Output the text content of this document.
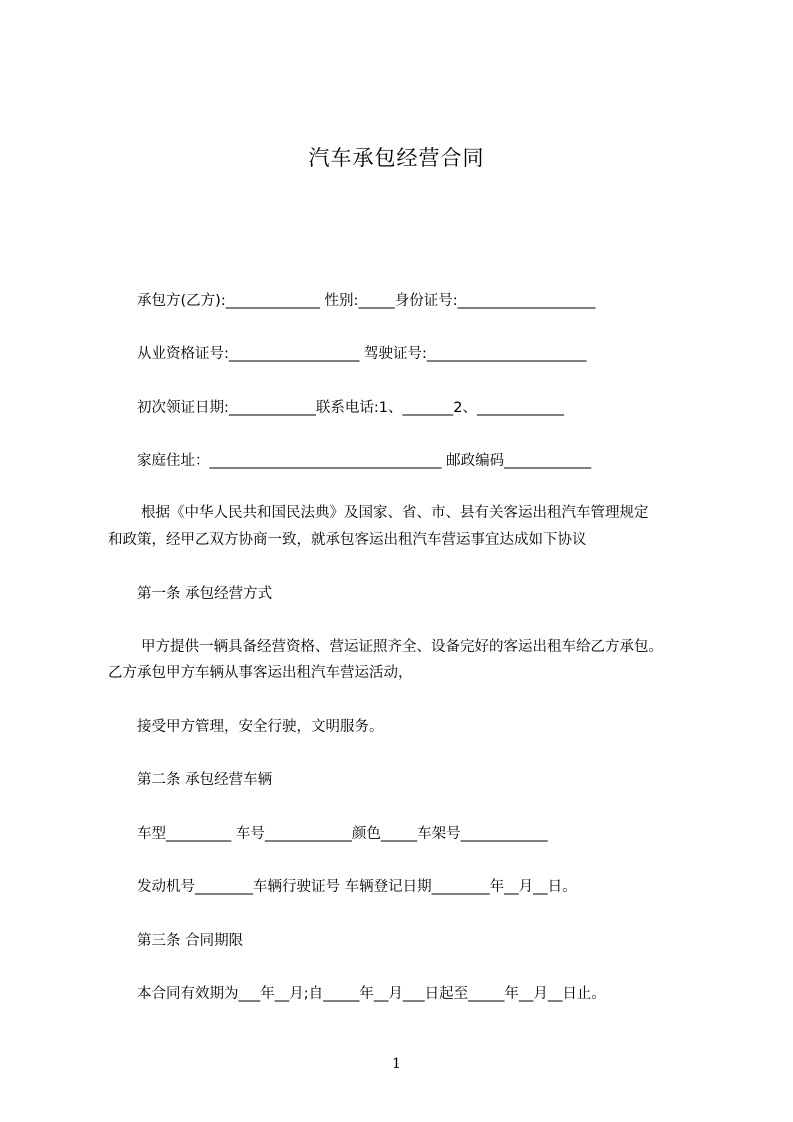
汽车承包经营合同
承包方(乙方):_____________ 性别:_____身份证号:___________________
从业资格证号:__________________ 驾驶证号:______________________
初次领证日期:____________联系电话:1、_______2、____________
家庭住址：________________________________ 邮政编码____________
根据《中华人民共和国民法典》及国家、省、市、县有关客运出租汽车管理规定
和政策，经甲乙双方协商一致，就承包客运出租汽车营运事宜达成如下协议
第一条 承包经营方式
甲方提供一辆具备经营资格、营运证照齐全、设备完好的客运出租车给乙方承包。
乙方承包甲方车辆从事客运出租汽车营运活动，
接受甲方管理，安全行驶，文明服务。
第二条 承包经营车辆
车型_________ 车号____________颜色_____车架号____________
发动机号________车辆行驶证号 车辆登记日期________年__月__日。
第三条 合同期限
本合同有效期为___年__月;自_____年__月___日起至_____年__月__日止。
1
